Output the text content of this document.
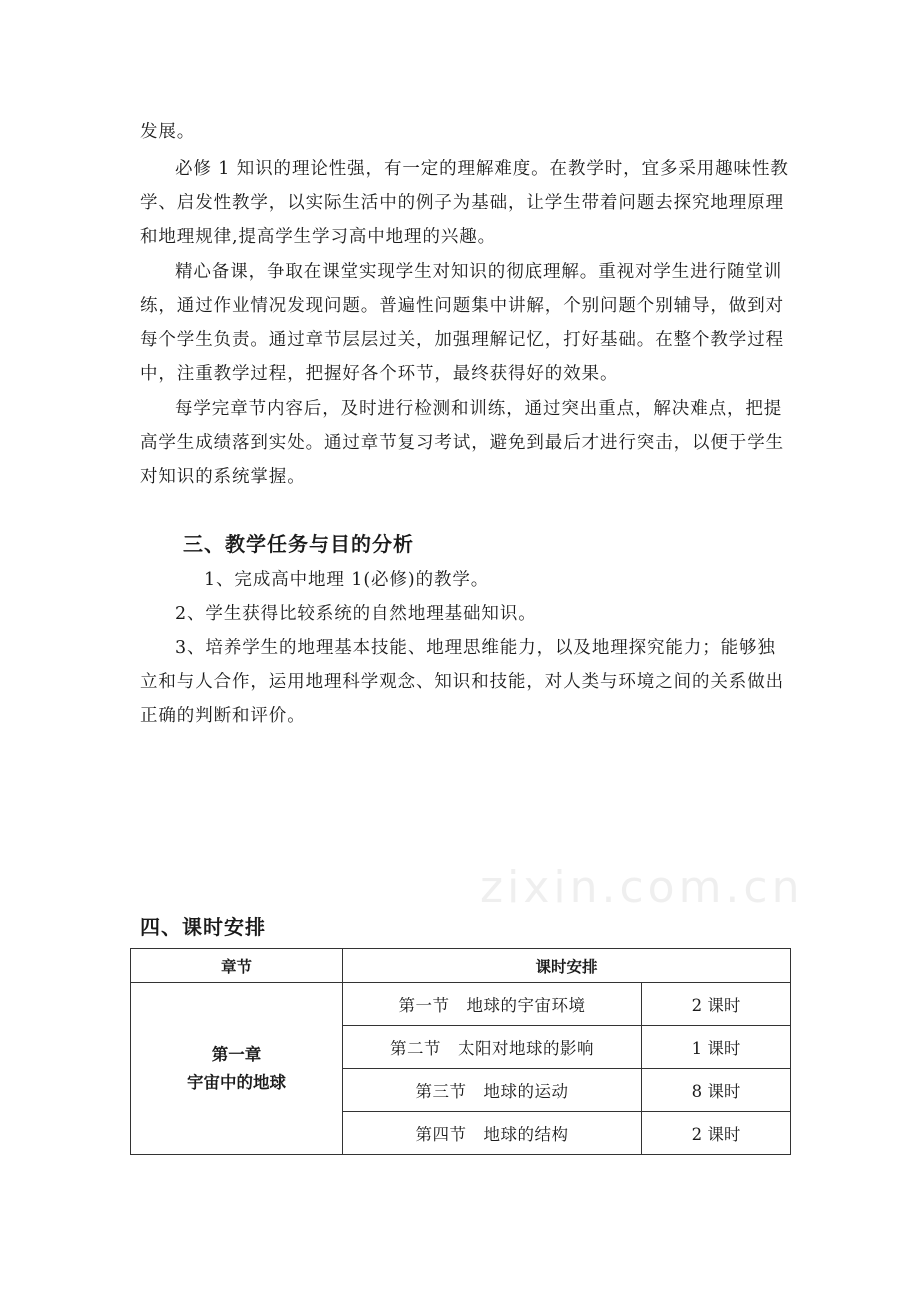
发展。
必修 1 知识的理论性强，有一定的理解难度。在教学时，宜多采用趣味性教
学、启发性教学，以实际生活中的例子为基础，让学生带着问题去探究地理原理
和地理规律,提高学生学习高中地理的兴趣。
精心备课，争取在课堂实现学生对知识的彻底理解。重视对学生进行随堂训
练，通过作业情况发现问题。普遍性问题集中讲解，个别问题个别辅导，做到对
每个学生负责。通过章节层层过关，加强理解记忆，打好基础。在整个教学过程
中，注重教学过程，把握好各个环节，最终获得好的效果。
每学完章节内容后，及时进行检测和训练，通过突出重点，解决难点，把提
高学生成绩落到实处。通过章节复习考试，避免到最后才进行突击，以便于学生
对知识的系统掌握。
三、教学任务与目的分析
1、完成高中地理 1(必修)的教学。
2、学生获得比较系统的自然地理基础知识。
3、培养学生的地理基本技能、地理思维能力，以及地理探究能力；能够独
立和与人合作，运用地理科学观念、知识和技能，对人类与环境之间的关系做出
正确的判断和评价。
zixin.com.cn
四、课时安排
章节	课时安排	

第一章
宇宙中的地球	第一节　地球的宇宙环境	2 课时
	第二节　太阳对地球的影响	1 课时
	第三节　地球的运动	8 课时
	第四节　地球的结构	2 课时
